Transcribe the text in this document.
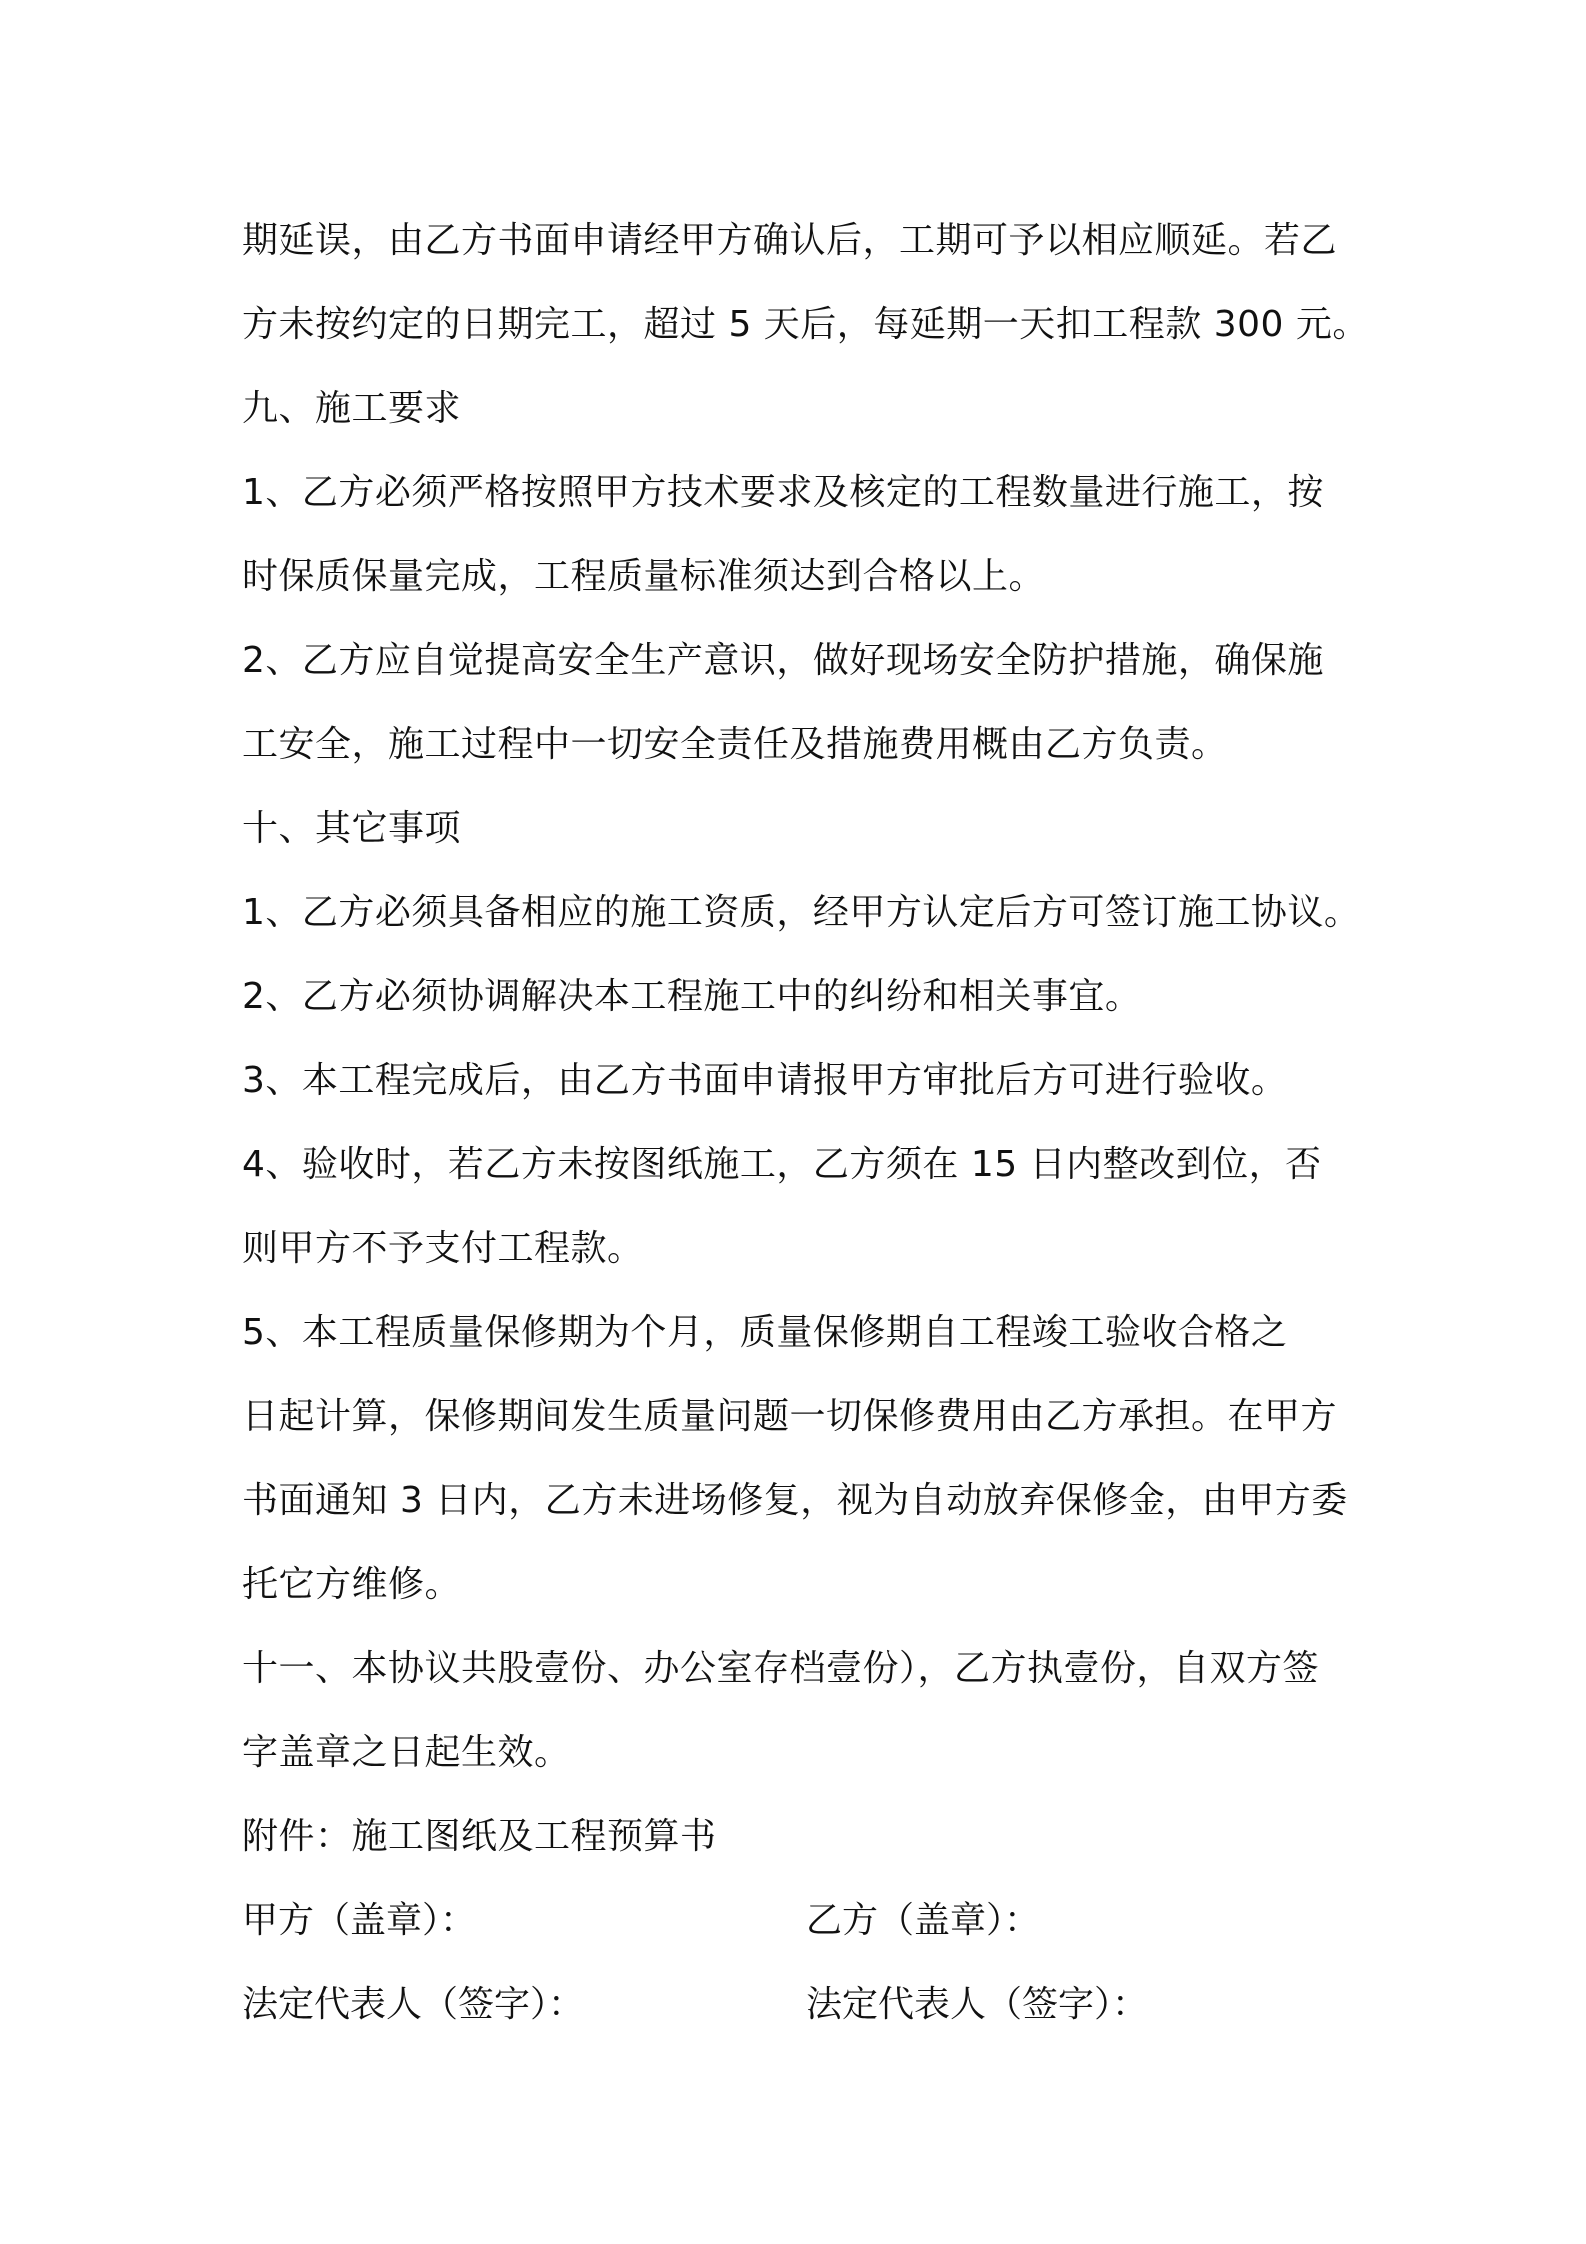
期延误，由乙方书面申请经甲方确认后，工期可予以相应顺延。若乙
方未按约定的日期完工，超过 5 天后，每延期一天扣工程款 300 元。
九、施工要求
1、乙方必须严格按照甲方技术要求及核定的工程数量进行施工，按
时保质保量完成，工程质量标准须达到合格以上。
2、乙方应自觉提高安全生产意识，做好现场安全防护措施，确保施
工安全，施工过程中一切安全责任及措施费用概由乙方负责。
十、其它事项
1、乙方必须具备相应的施工资质，经甲方认定后方可签订施工协议。
2、乙方必须协调解决本工程施工中的纠纷和相关事宜。
3、本工程完成后，由乙方书面申请报甲方审批后方可进行验收。
4、验收时，若乙方未按图纸施工，乙方须在 15 日内整改到位，否
则甲方不予支付工程款。
5、本工程质量保修期为个月，质量保修期自工程竣工验收合格之
日起计算，保修期间发生质量问题一切保修费用由乙方承担。在甲方
书面通知 3 日内，乙方未进场修复，视为自动放弃保修金，由甲方委
托它方维修。
十一、本协议共股壹份、办公室存档壹份），乙方执壹份，自双方签
字盖章之日起生效。
附件：施工图纸及工程预算书
甲方（盖章）：	乙方（盖章）：
法定代表人（签字）：	法定代表人（签字）：
